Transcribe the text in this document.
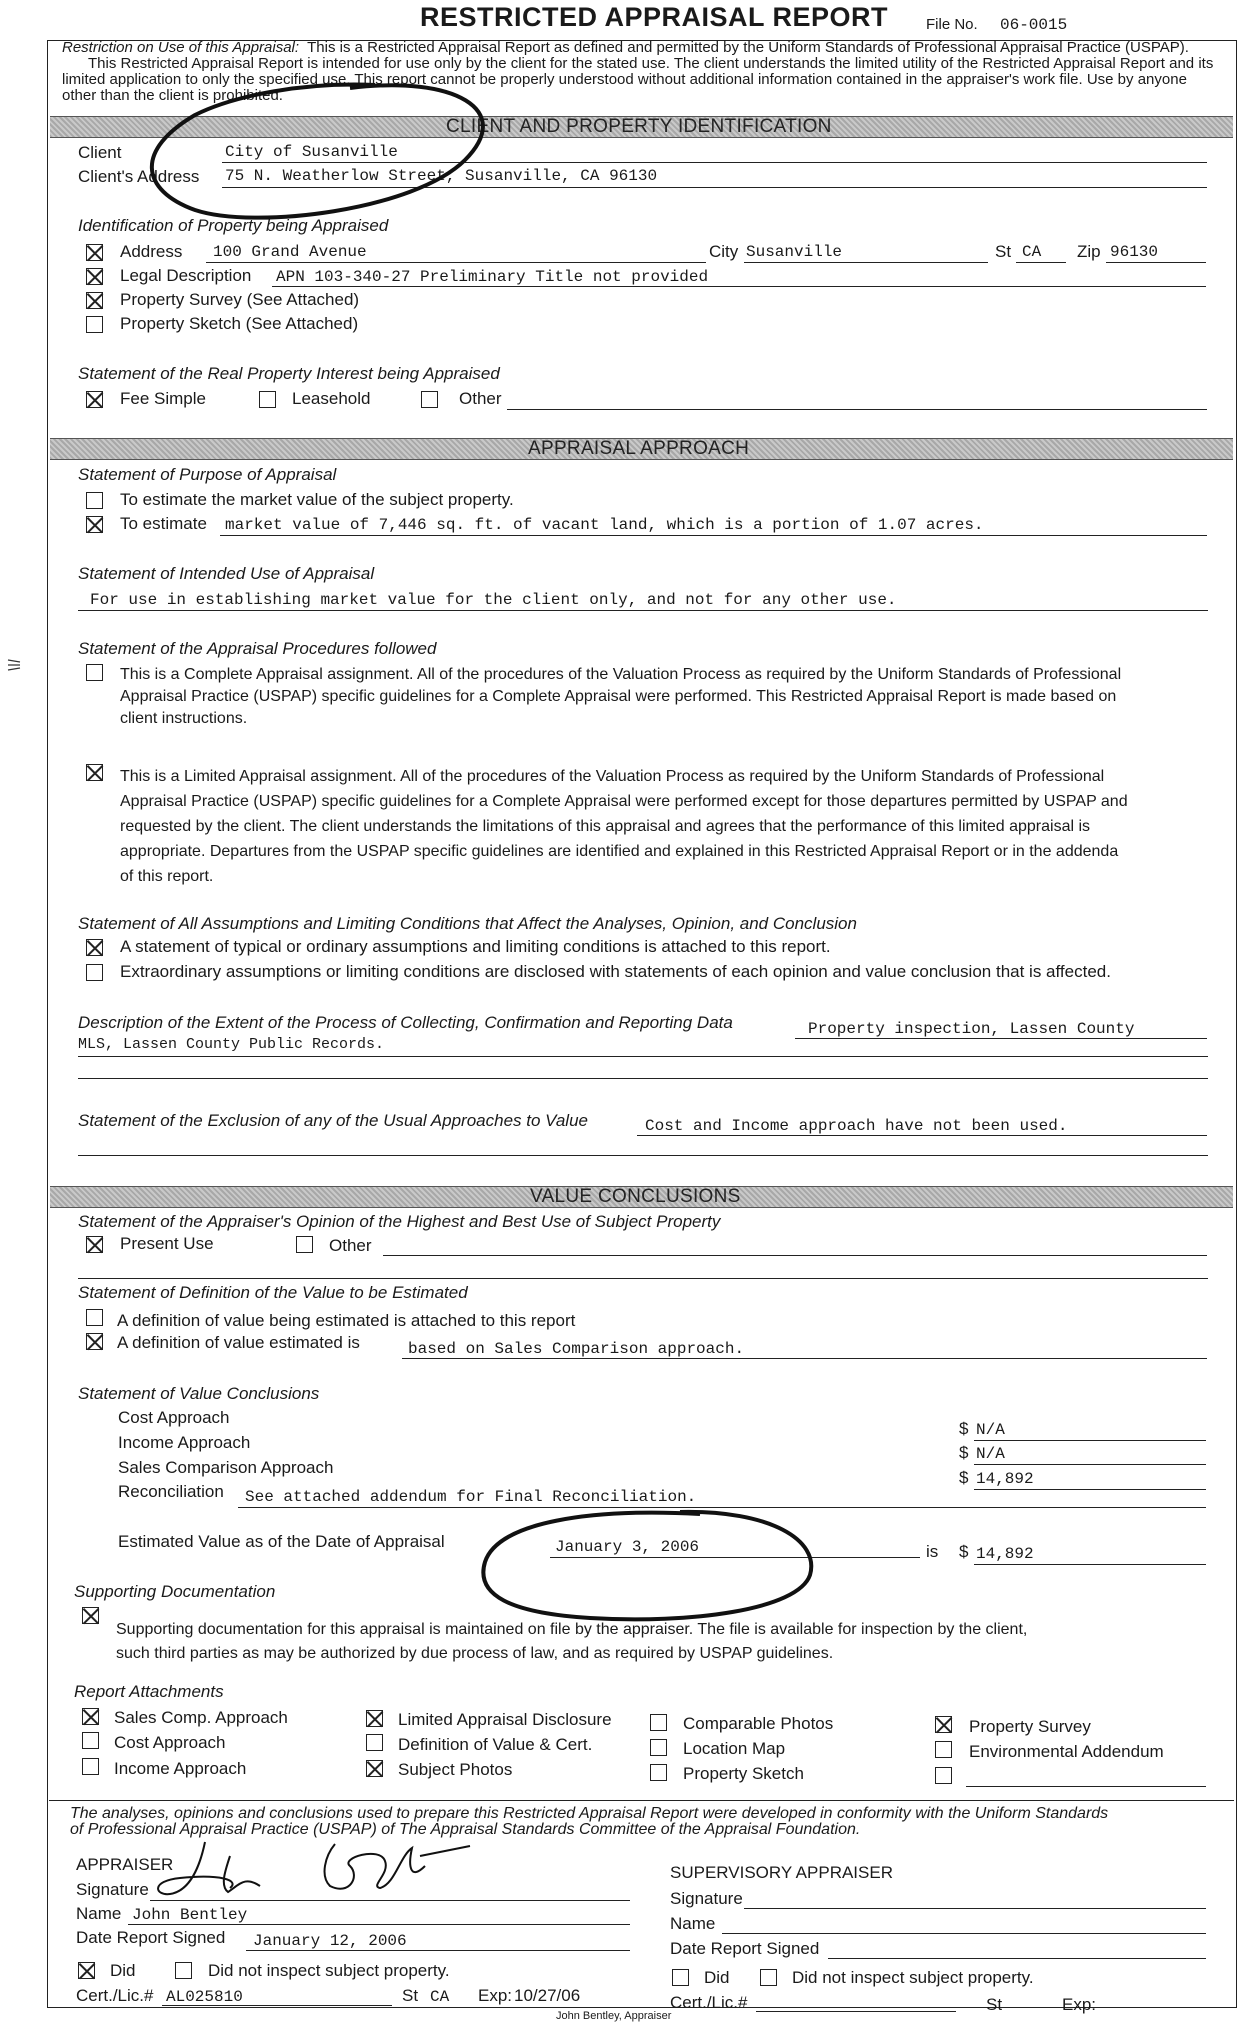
RESTRICTED APPRAISAL REPORT	File No. 06-0015
Restriction on Use of this Appraisal: This is a Restricted Appraisal Report as defined and permitted by the Uniform Standards of Professional Appraisal Practice (USPAP).
This Restricted Appraisal Report is intended for use only by the client for the stated use. The client understands the limited utility of the Restricted Appraisal Report and its
limited application to only the specified use. This report cannot be properly understood without additional information contained in the appraiser's work file. Use by anyone
other than the client is prohibited.
CLIENT AND PROPERTY IDENTIFICATION
Client	City of Susanville
Client's Address 75 N. Weatherlow Street, Susanville, CA 96130
Identification of Property being Appraised
Address 100 Grand Avenue	City Susanville	St CA Zip 96130
Legal Description APN 103-340-27 Preliminary Title not provided
Property Survey (See Attached)
Property Sketch (See Attached)
Statement of the Real Property Interest being Appraised
Fee Simple	Leasehold	Other
APPRAISAL APPROACH
Statement of Purpose of Appraisal
To estimate the market value of the subject property.
To estimate market value of 7,446 sq. ft. of vacant land, which is a portion of 1.07 acres.
Statement of Intended Use of Appraisal
For use in establishing market value for the client only, and not for any other use.
Statement of the Appraisal Procedures followed
This is a Complete Appraisal assignment. All of the procedures of the Valuation Process as required by the Uniform Standards of Professional
Appraisal Practice (USPAP) specific guidelines for a Complete Appraisal were performed. This Restricted Appraisal Report is made based on
client instructions.
This is a Limited Appraisal assignment. All of the procedures of the Valuation Process as required by the Uniform Standards of Professional
Appraisal Practice (USPAP) specific guidelines for a Complete Appraisal were performed except for those departures permitted by USPAP and
requested by the client. The client understands the limitations of this appraisal and agrees that the performance of this limited appraisal is
appropriate. Departures from the USPAP specific guidelines are identified and explained in this Restricted Appraisal Report or in the addenda
of this report.
Statement of All Assumptions and Limiting Conditions that Affect the Analyses, Opinion, and Conclusion
A statement of typical or ordinary assumptions and limiting conditions is attached to this report.
Extraordinary assumptions or limiting conditions are disclosed with statements of each opinion and value conclusion that is affected.
Description of the Extent of the Process of Collecting, Confirmation and Reporting Data	Property inspection, Lassen County
MLS, Lassen County Public Records.
Statement of the Exclusion of any of the Usual Approaches to Value	Cost and Income approach have not been used.
VALUE CONCLUSIONS
Statement of the Appraiser's Opinion of the Highest and Best Use of Subject Property
Present Use	Other
Statement of Definition of the Value to be Estimated
A definition of value being estimated is attached to this report
A definition of value estimated is	based on Sales Comparison approach.
Statement of Value Conclusions
Cost Approach
$ N/A
Income Approach
$ N/A
Sales Comparison Approach
$ 14,892
Reconciliation See attached addendum for Final Reconciliation.
Estimated Value as of the Date of Appraisal	January 3, 2006	is $ 14,892
Supporting Documentation
Supporting documentation for this appraisal is maintained on file by the appraiser. The file is available for inspection by the client,
such third parties as may be authorized by due process of law, and as required by USPAP guidelines.
Report Attachments
Sales Comp. Approach
Cost Approach
Income Approach
Limited Appraisal Disclosure
Definition of Value & Cert.
Subject Photos
Comparable Photos
Location Map
Property Sketch
Property Survey
Environmental Addendum
The analyses, opinions and conclusions used to prepare this Restricted Appraisal Report were developed in conformity with the Uniform Standards
of Professional Appraisal Practice (USPAP) of The Appraisal Standards Committee of the Appraisal Foundation.
APPRAISER
Signature
Name John Bentley
Date Report Signed January 12, 2006
Did	Did not inspect subject property.
Cert./Lic.# AL025810	St CA Exp: 10/27/06
John Bentley, Appraiser
SUPERVISORY APPRAISER
Signature
Name
Date Report Signed
Did	Did not inspect subject property.
Cert./Lic.#	St	Exp:
